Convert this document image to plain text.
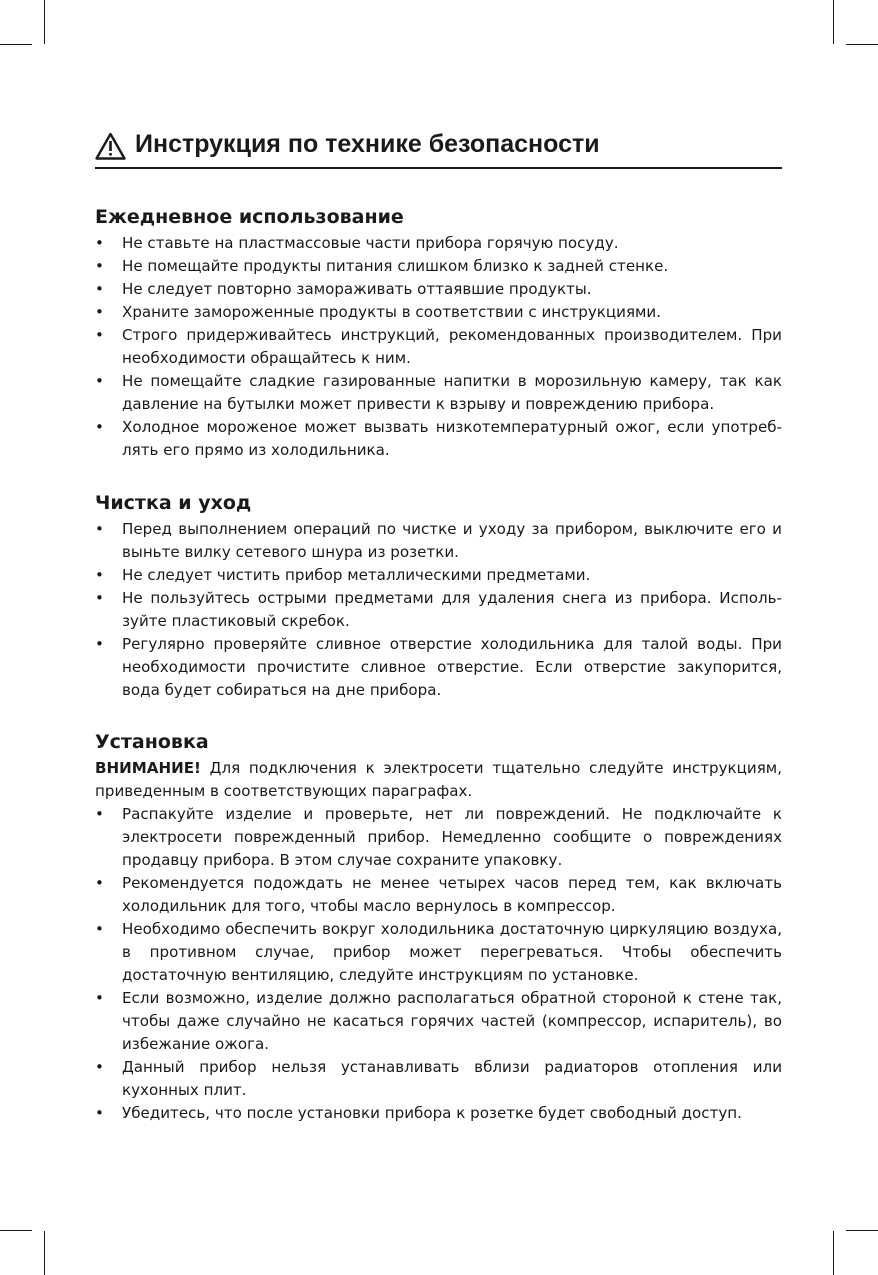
Инструкция по технике безопасности
Ежедневное использование
• Не ставьте на пластмассовые части прибора горячую посуду.
• Не помещайте продукты питания слишком близко к задней стенке.
• Не следует повторно замораживать оттаявшие продукты.
• Храните замороженные продукты в соответствии с инструкциями.
• Строго придерживайтесь инструкций, рекомендованных производителем. При необходимости обращайтесь к ним.
• Не помещайте сладкие газированные напитки в морозильную камеру, так как давление на бутылки может привести к взрыву и повреждению прибора.
• Холодное мороженое может вызвать низкотемпературный ожог, если употреб-лять его прямо из холодильника.
Чистка и уход
• Перед выполнением операций по чистке и уходу за прибором, выключите его и выньте вилку сетевого шнура из розетки.
• Не следует чистить прибор металлическими предметами.
• Не пользуйтесь острыми предметами для удаления снега из прибора. Исполь-зуйте пластиковый скребок.
• Регулярно проверяйте сливное отверстие холодильника для талой воды. При необходимости прочистите сливное отверстие. Если отверстие закупорится, вода будет собираться на дне прибора.
Установка
ВНИМАНИЕ! Для подключения к электросети тщательно следуйте инструкциям, приведенным в соответствующих параграфах.
• Распакуйте изделие и проверьте, нет ли повреждений. Не подключайте к электросети поврежденный прибор. Немедленно сообщите о повреждениях продавцу прибора. В этом случае сохраните упаковку.
• Рекомендуется подождать не менее четырех часов перед тем, как включать холодильник для того, чтобы масло вернулось в компрессор.
• Необходимо обеспечить вокруг холодильника достаточную циркуляцию воздуха, в противном случае, прибор может перегреваться. Чтобы обеспечить достаточную вентиляцию, следуйте инструкциям по установке.
• Если возможно, изделие должно располагаться обратной стороной к стене так, чтобы даже случайно не касаться горячих частей (компрессор, испаритель), во избежание ожога.
• Данный прибор нельзя устанавливать вблизи радиаторов отопления или кухонных плит.
• Убедитесь, что после установки прибора к розетке будет свободный доступ.
